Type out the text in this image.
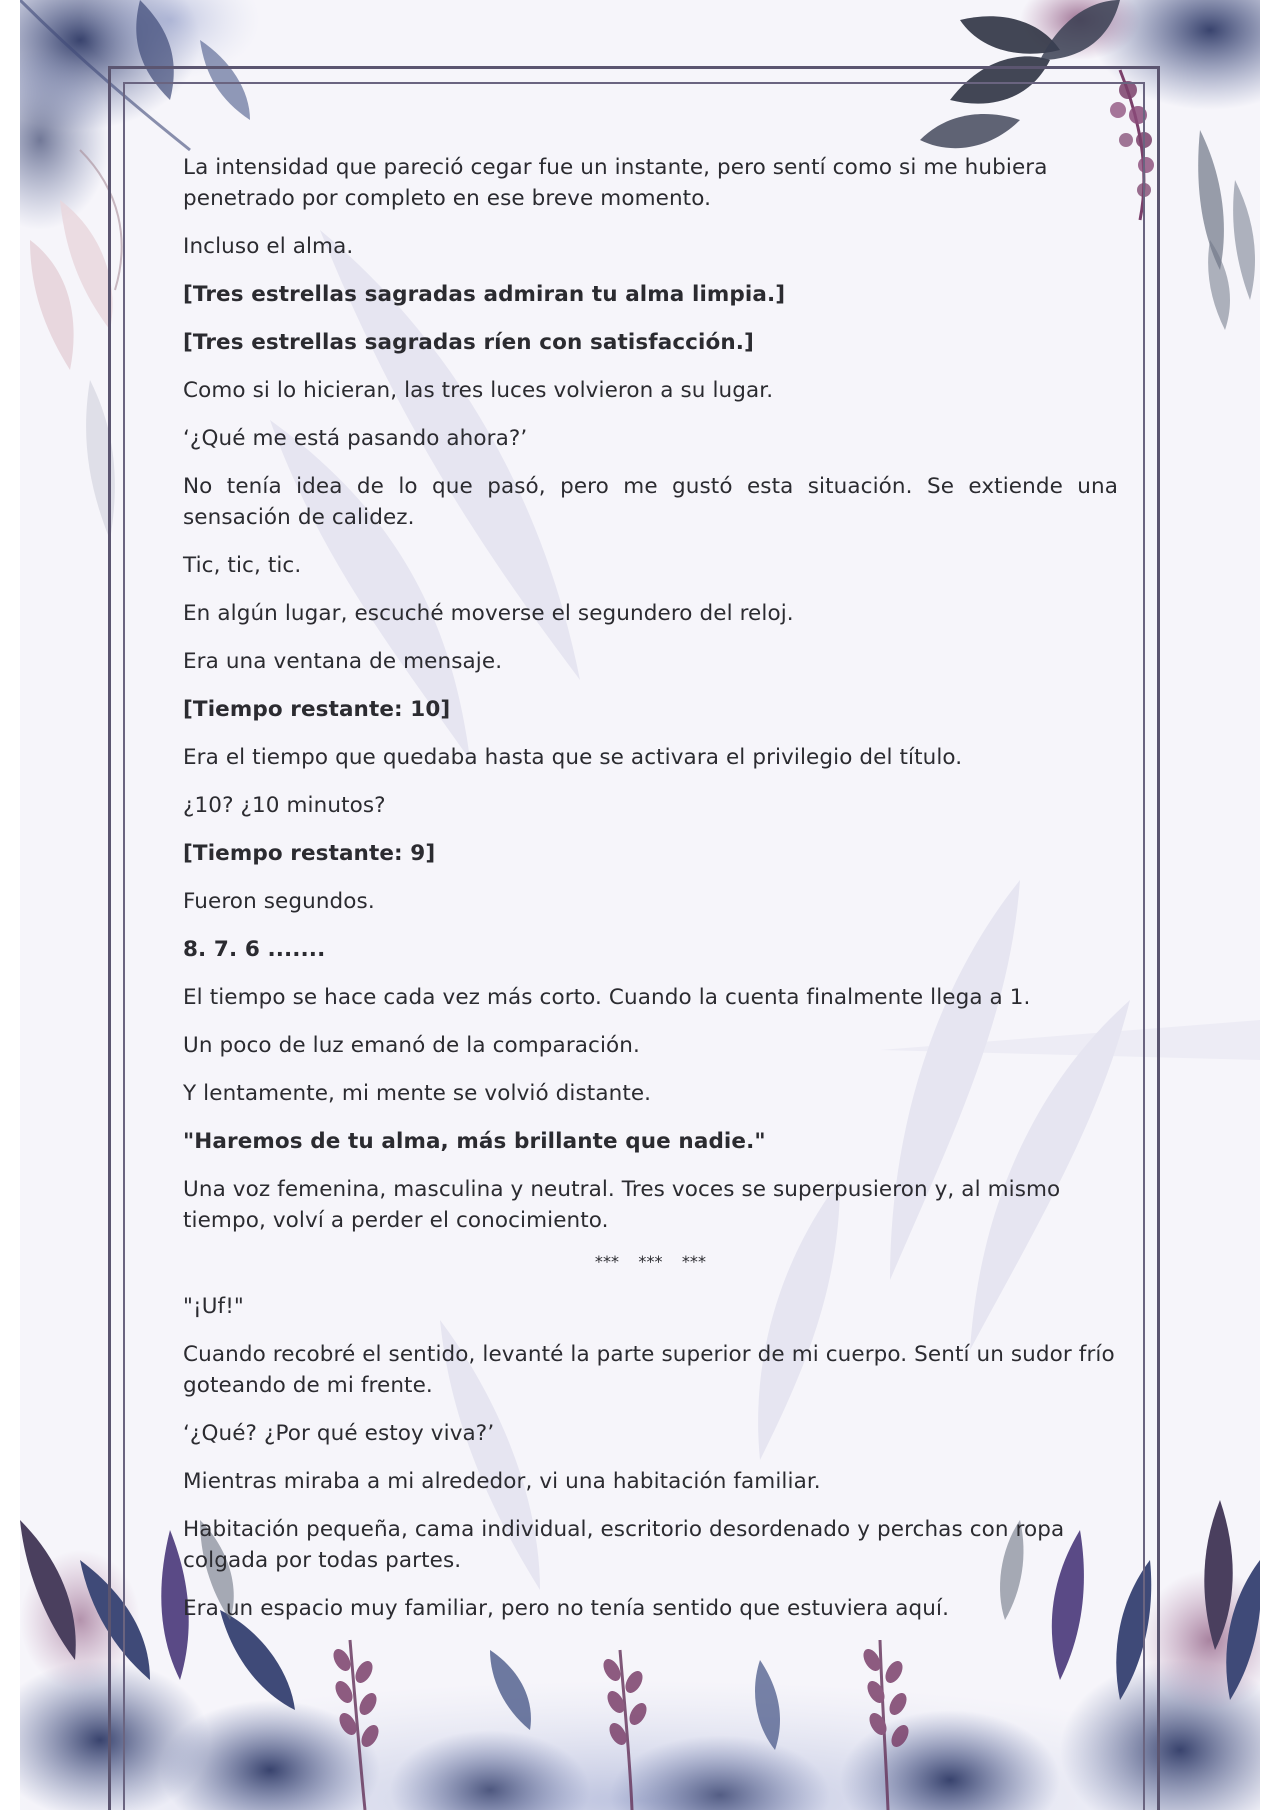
La intensidad que pareció cegar fue un instante, pero sentí como si me hubiera penetrado por completo en ese breve momento.

Incluso el alma.

[Tres estrellas sagradas admiran tu alma limpia.]

[Tres estrellas sagradas ríen con satisfacción.]

Como si lo hicieran, las tres luces volvieron a su lugar.

‘¿Qué me está pasando ahora?’

No tenía idea de lo que pasó, pero me gustó esta situación. Se extiende una sensación de calidez.

Tic, tic, tic.

En algún lugar, escuché moverse el segundero del reloj.

Era una ventana de mensaje.

[Tiempo restante: 10]

Era el tiempo que quedaba hasta que se activara el privilegio del título.

¿10? ¿10 minutos?

[Tiempo restante: 9]

Fueron segundos.

8. 7. 6 .......

El tiempo se hace cada vez más corto. Cuando la cuenta finalmente llega a 1.

Un poco de luz emanó de la comparación.

Y lentamente, mi mente se volvió distante.

"Haremos de tu alma, más brillante que nadie."

Una voz femenina, masculina y neutral. Tres voces se superpusieron y, al mismo tiempo, volví a perder el conocimiento.

*** *** ***

"¡Uf!"

Cuando recobré el sentido, levanté la parte superior de mi cuerpo. Sentí un sudor frío goteando de mi frente.

‘¿Qué? ¿Por qué estoy viva?’

Mientras miraba a mi alrededor, vi una habitación familiar.

Habitación pequeña, cama individual, escritorio desordenado y perchas con ropa colgada por todas partes.

Era un espacio muy familiar, pero no tenía sentido que estuviera aquí.
